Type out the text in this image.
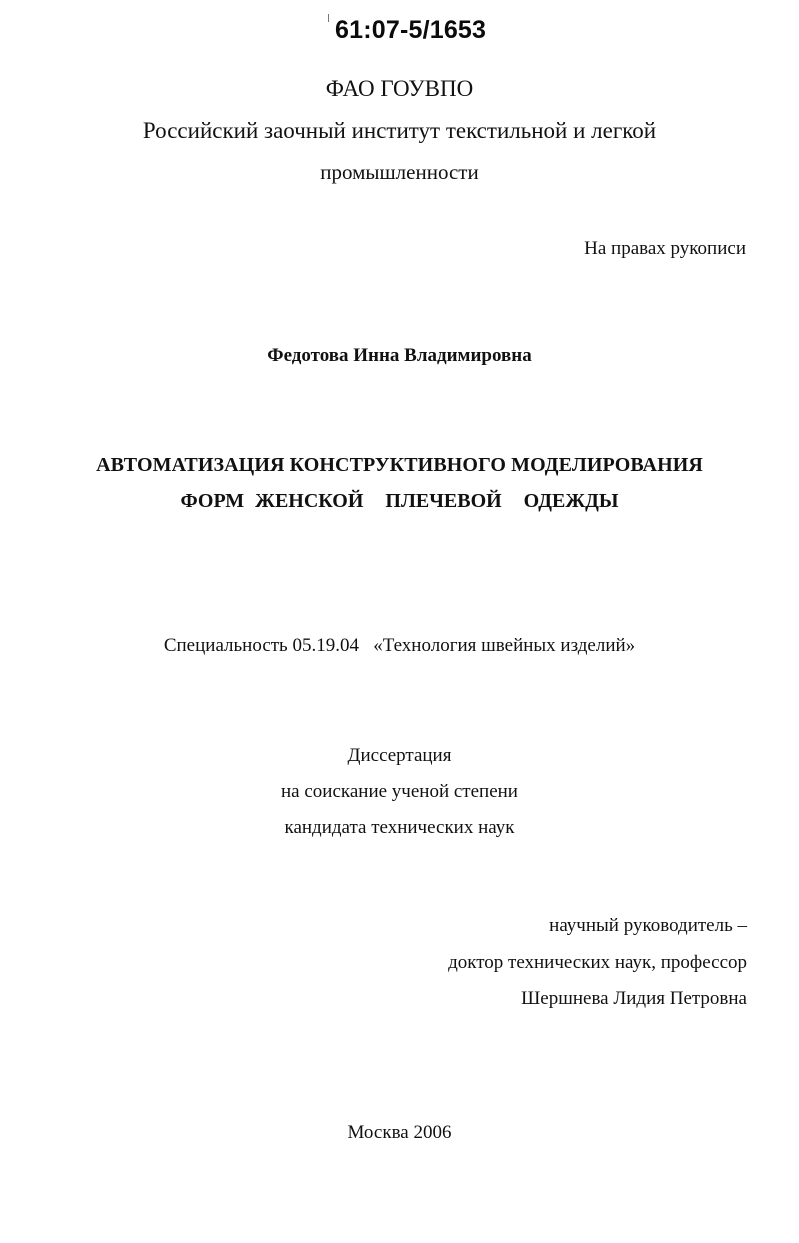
61:07-5/1653
ФАО ГОУВПО
Российский заочный институт текстильной и легкой
промышленности
На правах рукописи
Федотова Инна Владимировна
АВТОМАТИЗАЦИЯ КОНСТРУКТИВНОГО МОДЕЛИРОВАНИЯ
ФОРМ ЖЕНСКОЙ  ПЛЕЧЕВОЙ  ОДЕЖДЫ
Специальность 05.19.04   «Технология швейных изделий»
Диссертация
на соискание ученой степени
кандидата технических наук
научный руководитель –
доктор технических наук, профессор
Шершнева Лидия Петровна
Москва 2006
